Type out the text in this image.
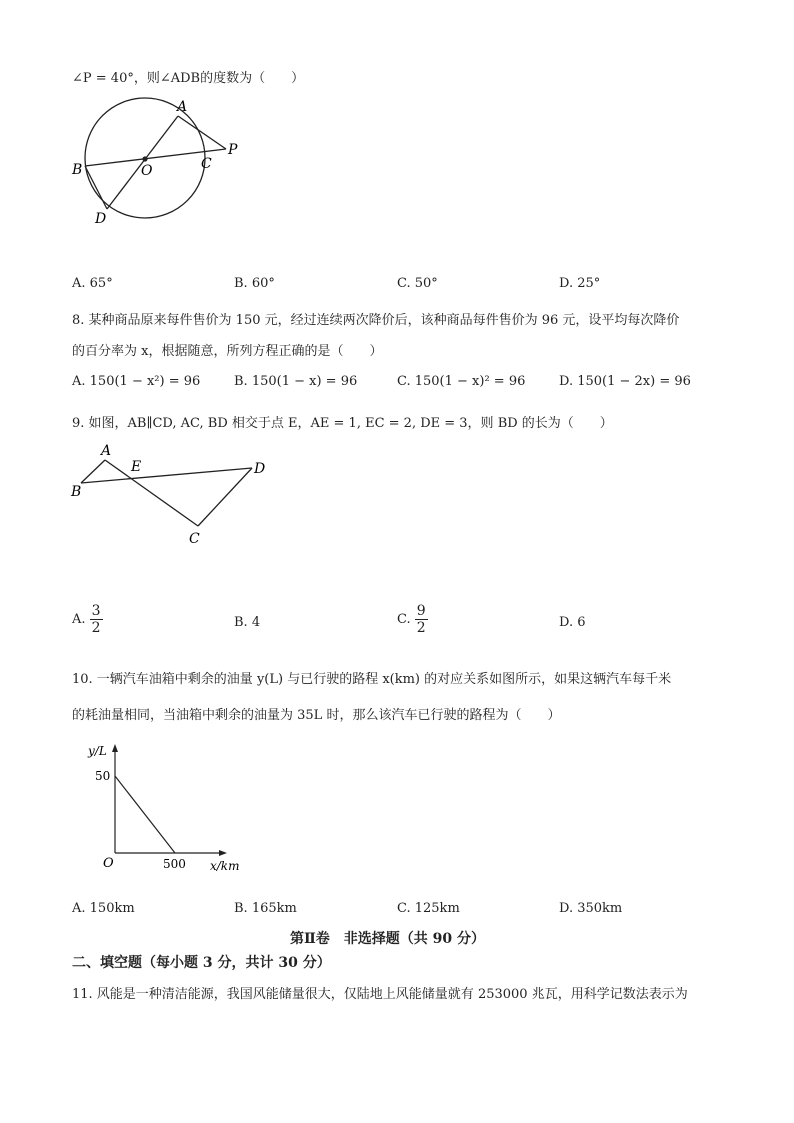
∠P = 40°，则∠ADB的度数为（　　）
A
B	C
D
O
P
A. 65°	B. 60°	C. 50°	D. 25°
8. 某种商品原来每件售价为 150 元，经过连续两次降价后，该种商品每件售价为 96 元，设平均每次降价
的百分率为 x，根据随意，所列方程正确的是（　　）
A. 150(1 − x²) = 96	B. 150(1 − x) = 96	C. 150(1 − x)² = 96	D. 150(1 − 2x) = 96
9. 如图，AB∥CD, AC, BD 相交于点 E，AE = 1, EC = 2, DE = 3，则 BD 的长为（　　）
A
B
C
D
E
A. $\frac{3}{2}$	B. 4	C. $\frac{9}{2}$	D. 6
10. 一辆汽车油箱中剩余的油量 y(L) 与已行驶的路程 x(km) 的对应关系如图所示，如果这辆汽车每千米
的耗油量相同，当油箱中剩余的油量为 35L 时，那么该汽车已行驶的路程为（　　）
y/L
50
O	500 x/km
A. 150km	B. 165km	C. 125km	D. 350km
第Ⅱ卷　非选择题（共 90 分）
二、填空题（每小题 3 分，共计 30 分）
11. 风能是一种清洁能源，我国风能储量很大，仅陆地上风能储量就有 253000 兆瓦，用科学记数法表示为
